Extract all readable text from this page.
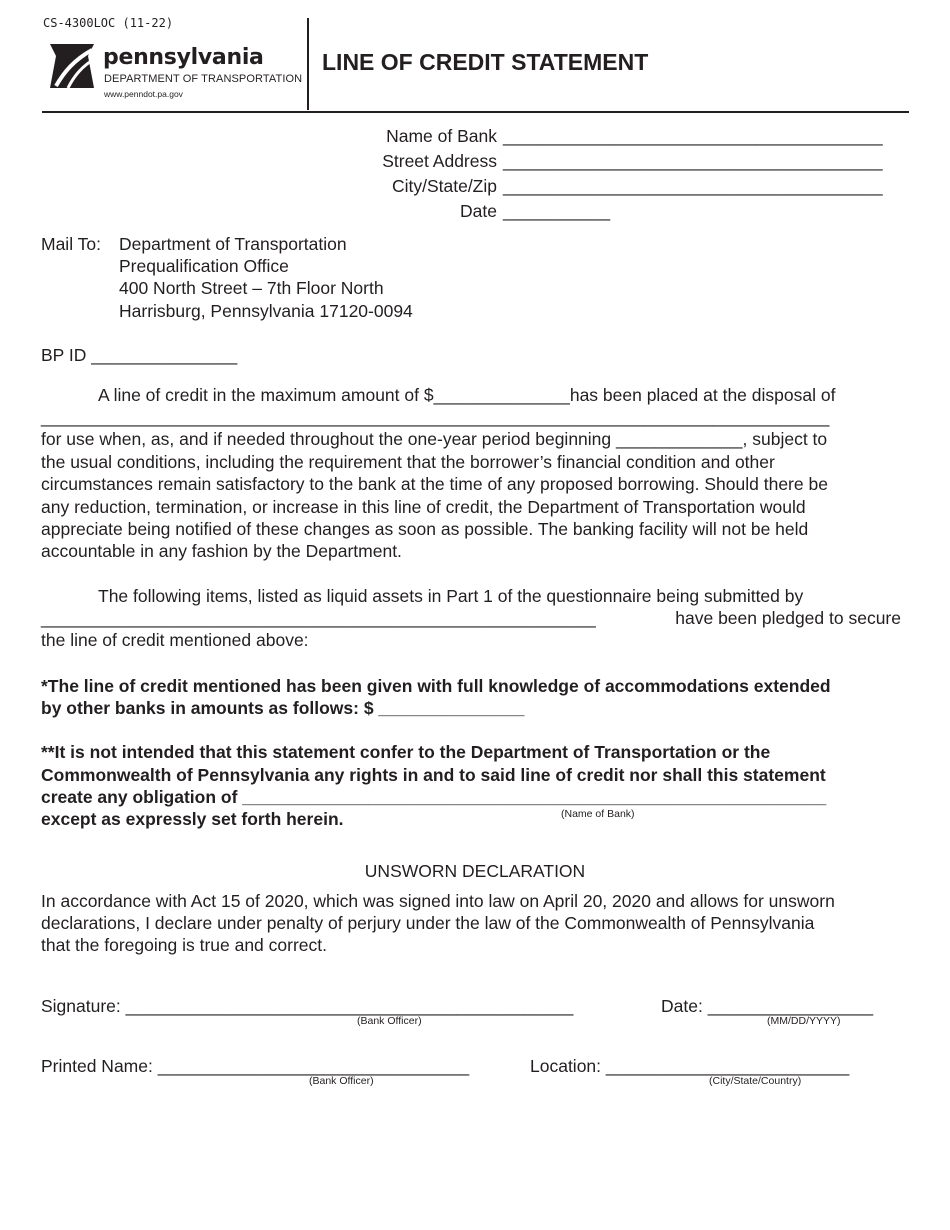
CS-4300LOC (11-22)
pennsylvania
DEPARTMENT OF TRANSPORTATION
www.penndot.pa.gov
LINE OF CREDIT STATEMENT
Name of Bank _______________________________________
Street Address _______________________________________
City/State/Zip _______________________________________
Date ___________
Mail To: Department of Transportation
Prequalification Office
400 North Street – 7th Floor North
Harrisburg, Pennsylvania 17120-0094
BP ID _______________
A line of credit in the maximum amount of $______________has been placed at the disposal of
_________________________________________________________________________________
for use when, as, and if needed throughout the one-year period beginning _____________, subject to
the usual conditions, including the requirement that the borrower’s financial condition and other
circumstances remain satisfactory to the bank at the time of any proposed borrowing. Should there be
any reduction, termination, or increase in this line of credit, the Department of Transportation would
appreciate being notified of these changes as soon as possible. The banking facility will not be held
accountable in any fashion by the Department.
The following items, listed as liquid assets in Part 1 of the questionnaire being submitted by
_________________________________________________________	have been pledged to secure
the line of credit mentioned above:
*The line of credit mentioned has been given with full knowledge of accommodations extended
by other banks in amounts as follows: $ _______________
**It is not intended that this statement confer to the Department of Transportation or the
Commonwealth of Pennsylvania any rights in and to said line of credit nor shall this statement
create any obligation of ____________________________________________________________
except as expressly set forth herein.	(Name of Bank)
UNSWORN DECLARATION
In accordance with Act 15 of 2020, which was signed into law on April 20, 2020 and allows for unsworn
declarations, I declare under penalty of perjury under the law of the Commonwealth of Pennsylvania
that the foregoing is true and correct.
Signature: ______________________________________________
(Bank Officer)
Date: _________________
(MM/DD/YYYY)
Printed Name: ________________________________
(Bank Officer)
Location: _________________________
(City/State/Country)
